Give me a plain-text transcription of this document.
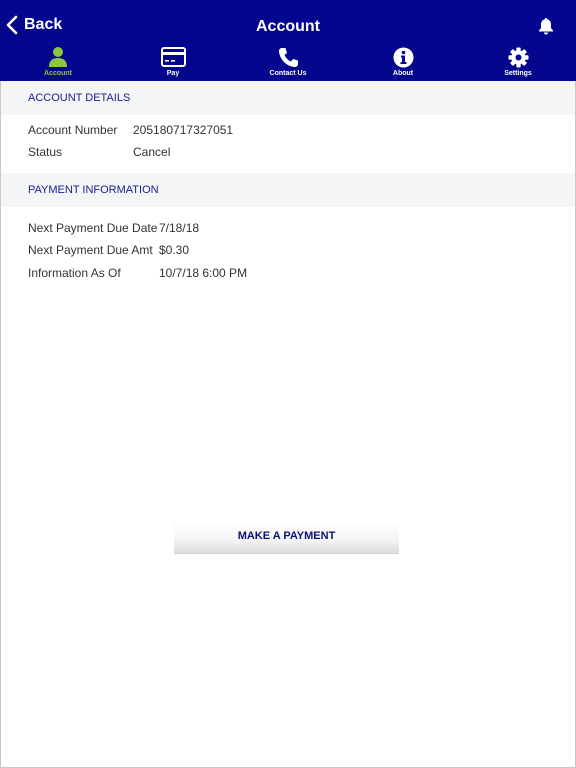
Back	Account
Account	Pay	Contact Us	About	Settings
ACCOUNT DETAILS
Account Number 205180717327051
Status	Cancel
PAYMENT INFORMATION
Next Payment Due Date 7/18/18
Next Payment Due Amt $0.30
Information As Of	10/7/18 6:00 PM
MAKE A PAYMENT
